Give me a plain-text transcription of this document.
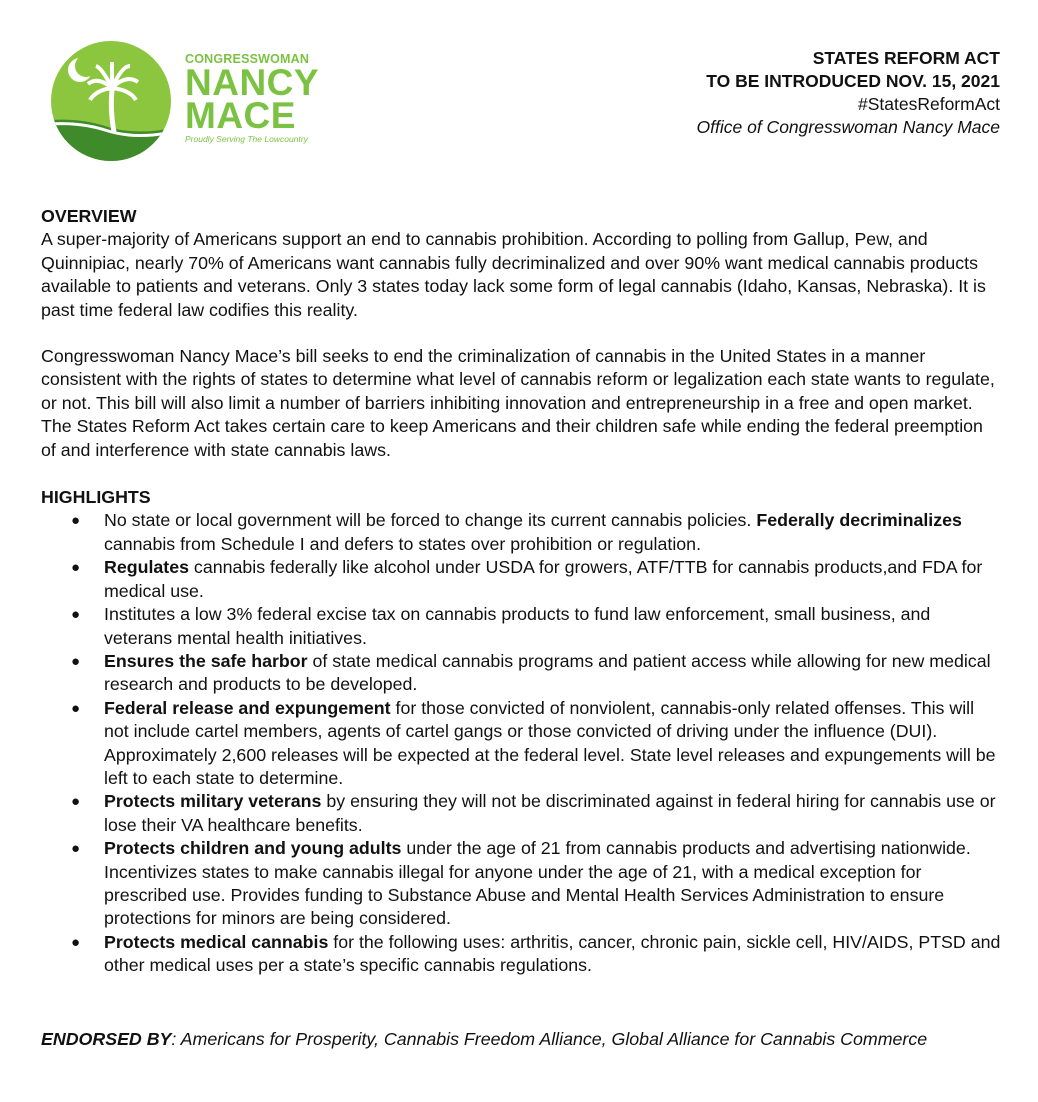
CONGRESSWOMAN
NANCY
MACE
Proudly Serving The Lowcountry
STATES REFORM ACT
TO BE INTRODUCED NOV. 15, 2021
#StatesReformAct
Office of Congresswoman Nancy Mace
OVERVIEW

A super-majority of Americans support an end to cannabis prohibition. According to polling from Gallup, Pew, and Quinnipiac, nearly 70% of Americans want cannabis fully decriminalized and over 90% want medical cannabis products available to patients and veterans. Only 3 states today lack some form of legal cannabis (Idaho, Kansas, Nebraska). It is past time federal law codifies this reality.

Congresswoman Nancy Mace’s bill seeks to end the criminalization of cannabis in the United States in a manner consistent with the rights of states to determine what level of cannabis reform or legalization each state wants to regulate, or not. This bill will also limit a number of barriers inhibiting innovation and entrepreneurship in a free and open market. The States Reform Act takes certain care to keep Americans and their children safe while ending the federal preemption of and interference with state cannabis laws.

HIGHLIGHTS
● No state or local government will be forced to change its current cannabis policies. Federally decriminalizes cannabis from Schedule I and defers to states over prohibition or regulation.
● Regulates cannabis federally like alcohol under USDA for growers, ATF/TTB for cannabis products,and FDA for medical use.
● Institutes a low 3% federal excise tax on cannabis products to fund law enforcement, small business, and veterans mental health initiatives.
● Ensures the safe harbor of state medical cannabis programs and patient access while allowing for new medical research and products to be developed.
● Federal release and expungement for those convicted of nonviolent, cannabis-only related offenses. This will not include cartel members, agents of cartel gangs or those convicted of driving under the influence (DUI). Approximately 2,600 releases will be expected at the federal level. State level releases and expungements will be left to each state to determine.
● Protects military veterans by ensuring they will not be discriminated against in federal hiring for cannabis use or lose their VA healthcare benefits.
● Protects children and young adults under the age of 21 from cannabis products and advertising nationwide. Incentivizes states to make cannabis illegal for anyone under the age of 21, with a medical exception for prescribed use. Provides funding to Substance Abuse and Mental Health Services Administration to ensure protections for minors are being considered.
● Protects medical cannabis for the following uses: arthritis, cancer, chronic pain, sickle cell, HIV/AIDS, PTSD and other medical uses per a state’s specific cannabis regulations.
ENDORSED BY: Americans for Prosperity, Cannabis Freedom Alliance, Global Alliance for Cannabis Commerce
